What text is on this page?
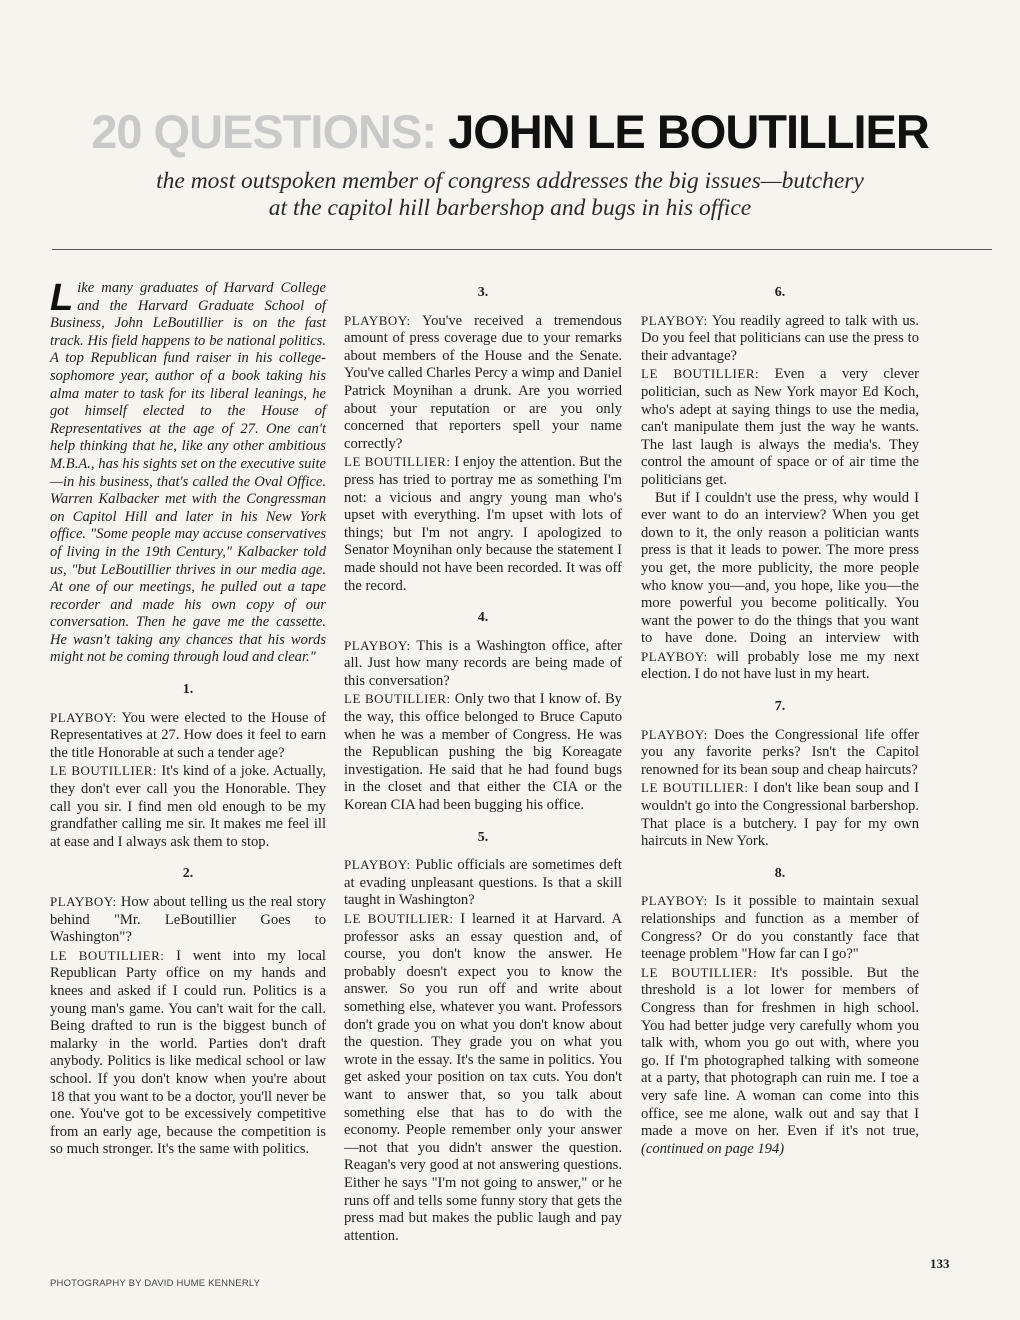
20 QUESTIONS: JOHN LE BOUTILLIER
the most outspoken member of congress addresses the big issues—butchery at the capitol hill barbershop and bugs in his office

Like many graduates of Harvard College and the Harvard Graduate School of Business, John LeBoutillier is on the fast track. His field happens to be national politics. A top Republican fund raiser in his college-sophomore year, author of a book taking his alma mater to task for its liberal leanings, he got himself elected to the House of Representatives at the age of 27. One can't help thinking that he, like any other ambitious M.B.A., has his sights set on the executive suite—in his business, that's called the Oval Office. Warren Kalbacker met with the Congressman on Capitol Hill and later in his New York office. "Some people may accuse conservatives of living in the 19th Century," Kalbacker told us, "but LeBoutillier thrives in our media age. At one of our meetings, he pulled out a tape recorder and made his own copy of our conversation. Then he gave me the cassette. He wasn't taking any chances that his words might not be coming through loud and clear."

1.

PLAYBOY: You were elected to the House of Representatives at 27. How does it feel to earn the title Honorable at such a tender age?

LE BOUTILLIER: It's kind of a joke. Actually, they don't ever call you the Honorable. They call you sir. I find men old enough to be my grandfather calling me sir. It makes me feel ill at ease and I always ask them to stop.

2.

PLAYBOY: How about telling us the real story behind "Mr. LeBoutillier Goes to Washington"?

LE BOUTILLIER: I went into my local Republican Party office on my hands and knees and asked if I could run. Politics is a young man's game. You can't wait for the call. Being drafted to run is the biggest bunch of malarky in the world. Parties don't draft anybody. Politics is like medical school or law school. If you don't know when you're about 18 that you want to be a doctor, you'll never be one. You've got to be excessively competitive from an early age, because the competition is so much stronger. It's the same with politics.

3.

PLAYBOY: You've received a tremendous amount of press coverage due to your remarks about members of the House and the Senate. You've called Charles Percy a wimp and Daniel Patrick Moynihan a drunk. Are you worried about your reputation or are you only concerned that reporters spell your name correctly?

LE BOUTILLIER: I enjoy the attention. But the press has tried to portray me as something I'm not: a vicious and angry young man who's upset with everything. I'm upset with lots of things; but I'm not angry. I apologized to Senator Moynihan only because the statement I made should not have been recorded. It was off the record.

4.

PLAYBOY: This is a Washington office, after all. Just how many records are being made of this conversation?

LE BOUTILLIER: Only two that I know of. By the way, this office belonged to Bruce Caputo when he was a member of Congress. He was the Republican pushing the big Koreagate investigation. He said that he had found bugs in the closet and that either the CIA or the Korean CIA had been bugging his office.

5.

PLAYBOY: Public officials are sometimes deft at evading unpleasant questions. Is that a skill taught in Washington?

LE BOUTILLIER: I learned it at Harvard. A professor asks an essay question and, of course, you don't know the answer. He probably doesn't expect you to know the answer. So you run off and write about something else, whatever you want. Professors don't grade you on what you don't know about the question. They grade you on what you wrote in the essay. It's the same in politics. You get asked your position on tax cuts. You don't want to answer that, so you talk about something else that has to do with the economy. People remember only your answer—not that you didn't answer the question. Reagan's very good at not answering questions. Either he says "I'm not going to answer," or he runs off and tells some funny story that gets the press mad but makes the public laugh and pay attention.

6.

PLAYBOY: You readily agreed to talk with us. Do you feel that politicians can use the press to their advantage?

LE BOUTILLIER: Even a very clever politician, such as New York mayor Ed Koch, who's adept at saying things to use the media, can't manipulate them just the way he wants. The last laugh is always the media's. They control the amount of space or of air time the politicians get.

But if I couldn't use the press, why would I ever want to do an interview? When you get down to it, the only reason a politician wants press is that it leads to power. The more press you get, the more publicity, the more people who know you—and, you hope, like you—the more powerful you become politically. You want the power to do the things that you want to have done. Doing an interview with PLAYBOY: will probably lose me my next election. I do not have lust in my heart.

7.

PLAYBOY: Does the Congressional life offer you any favorite perks? Isn't the Capitol renowned for its bean soup and cheap haircuts?

LE BOUTILLIER: I don't like bean soup and I wouldn't go into the Congressional barbershop. That place is a butchery. I pay for my own haircuts in New York.

8.

PLAYBOY: Is it possible to maintain sexual relationships and function as a member of Congress? Or do you constantly face that teenage problem "How far can I go?"

LE BOUTILLIER: It's possible. But the threshold is a lot lower for members of Congress than for freshmen in high school. You had better judge very carefully whom you talk with, whom you go out with, where you go. If I'm photographed talking with someone at a party, that photograph can ruin me. I toe a very safe line. A woman can come into this office, see me alone, walk out and say that I made a move on her. Even if it's not true, (continued on page 194)

133
PHOTOGRAPHY BY DAVID HUME KENNERLY
